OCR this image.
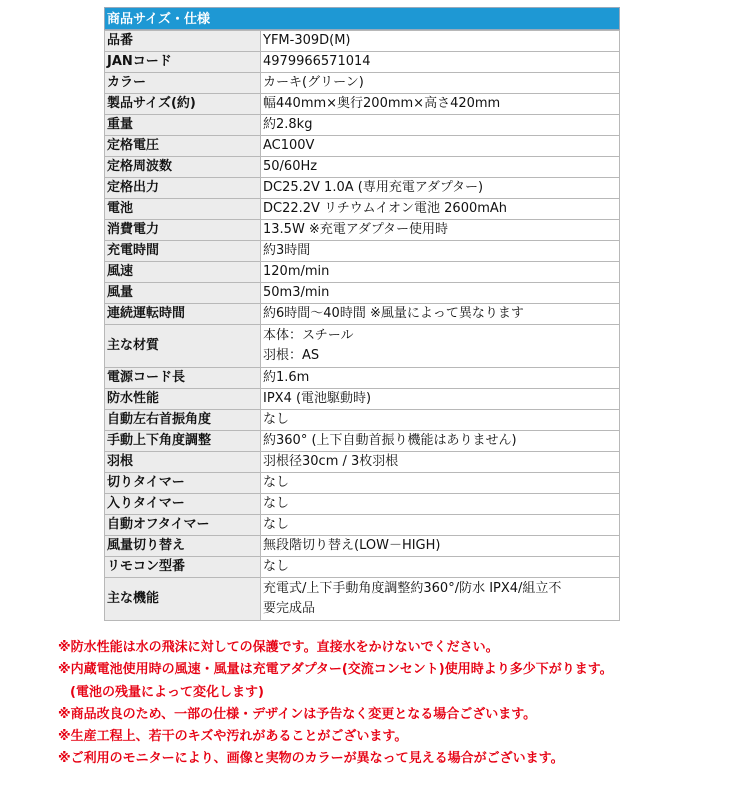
商品サイズ・仕様
品番	YFM-309D(M)
JANコード	4979966571014
カラー	カーキ(グリーン)
製品サイズ(約)	幅440mm×奥行200mm×高さ420mm
重量	約2.8kg
定格電圧	AC100V
定格周波数	50/60Hz
定格出力	DC25.2V 1.0A (専用充電アダプター)
電池	DC22.2V リチウムイオン電池 2600mAh
消費電力	13.5W ※充電アダプター使用時
充電時間	約3時間
風速	120m/min
風量	50m3/min
連続運転時間	約6時間〜40時間 ※風量によって異なります
主な材質	本体：スチール
羽根：AS

電源コード長	約1.6m
防水性能	IPX4 (電池駆動時)
自動左右首振角度	なし
手動上下角度調整	約360° (上下自動首振り機能はありません)
羽根	羽根径30cm / 3枚羽根
切りタイマー	なし
入りタイマー	なし
自動オフタイマー	なし
風量切り替え	無段階切り替え(LOW－HIGH)
リモコン型番	なし
主な機能	充電式/上下手動角度調整約360°/防水 IPX4/組立不
要完成品
※防水性能は水の飛沫に対しての保護です。直接水をかけないでください。
※内蔵電池使用時の風速・風量は充電アダプター(交流コンセント)使用時より多少下がります。
(電池の残量によって変化します)
※商品改良のため、一部の仕様・デザインは予告なく変更となる場合ございます。
※生産工程上、若干のキズや汚れがあることがございます。
※ご利用のモニターにより、画像と実物のカラーが異なって見える場合がございます。
